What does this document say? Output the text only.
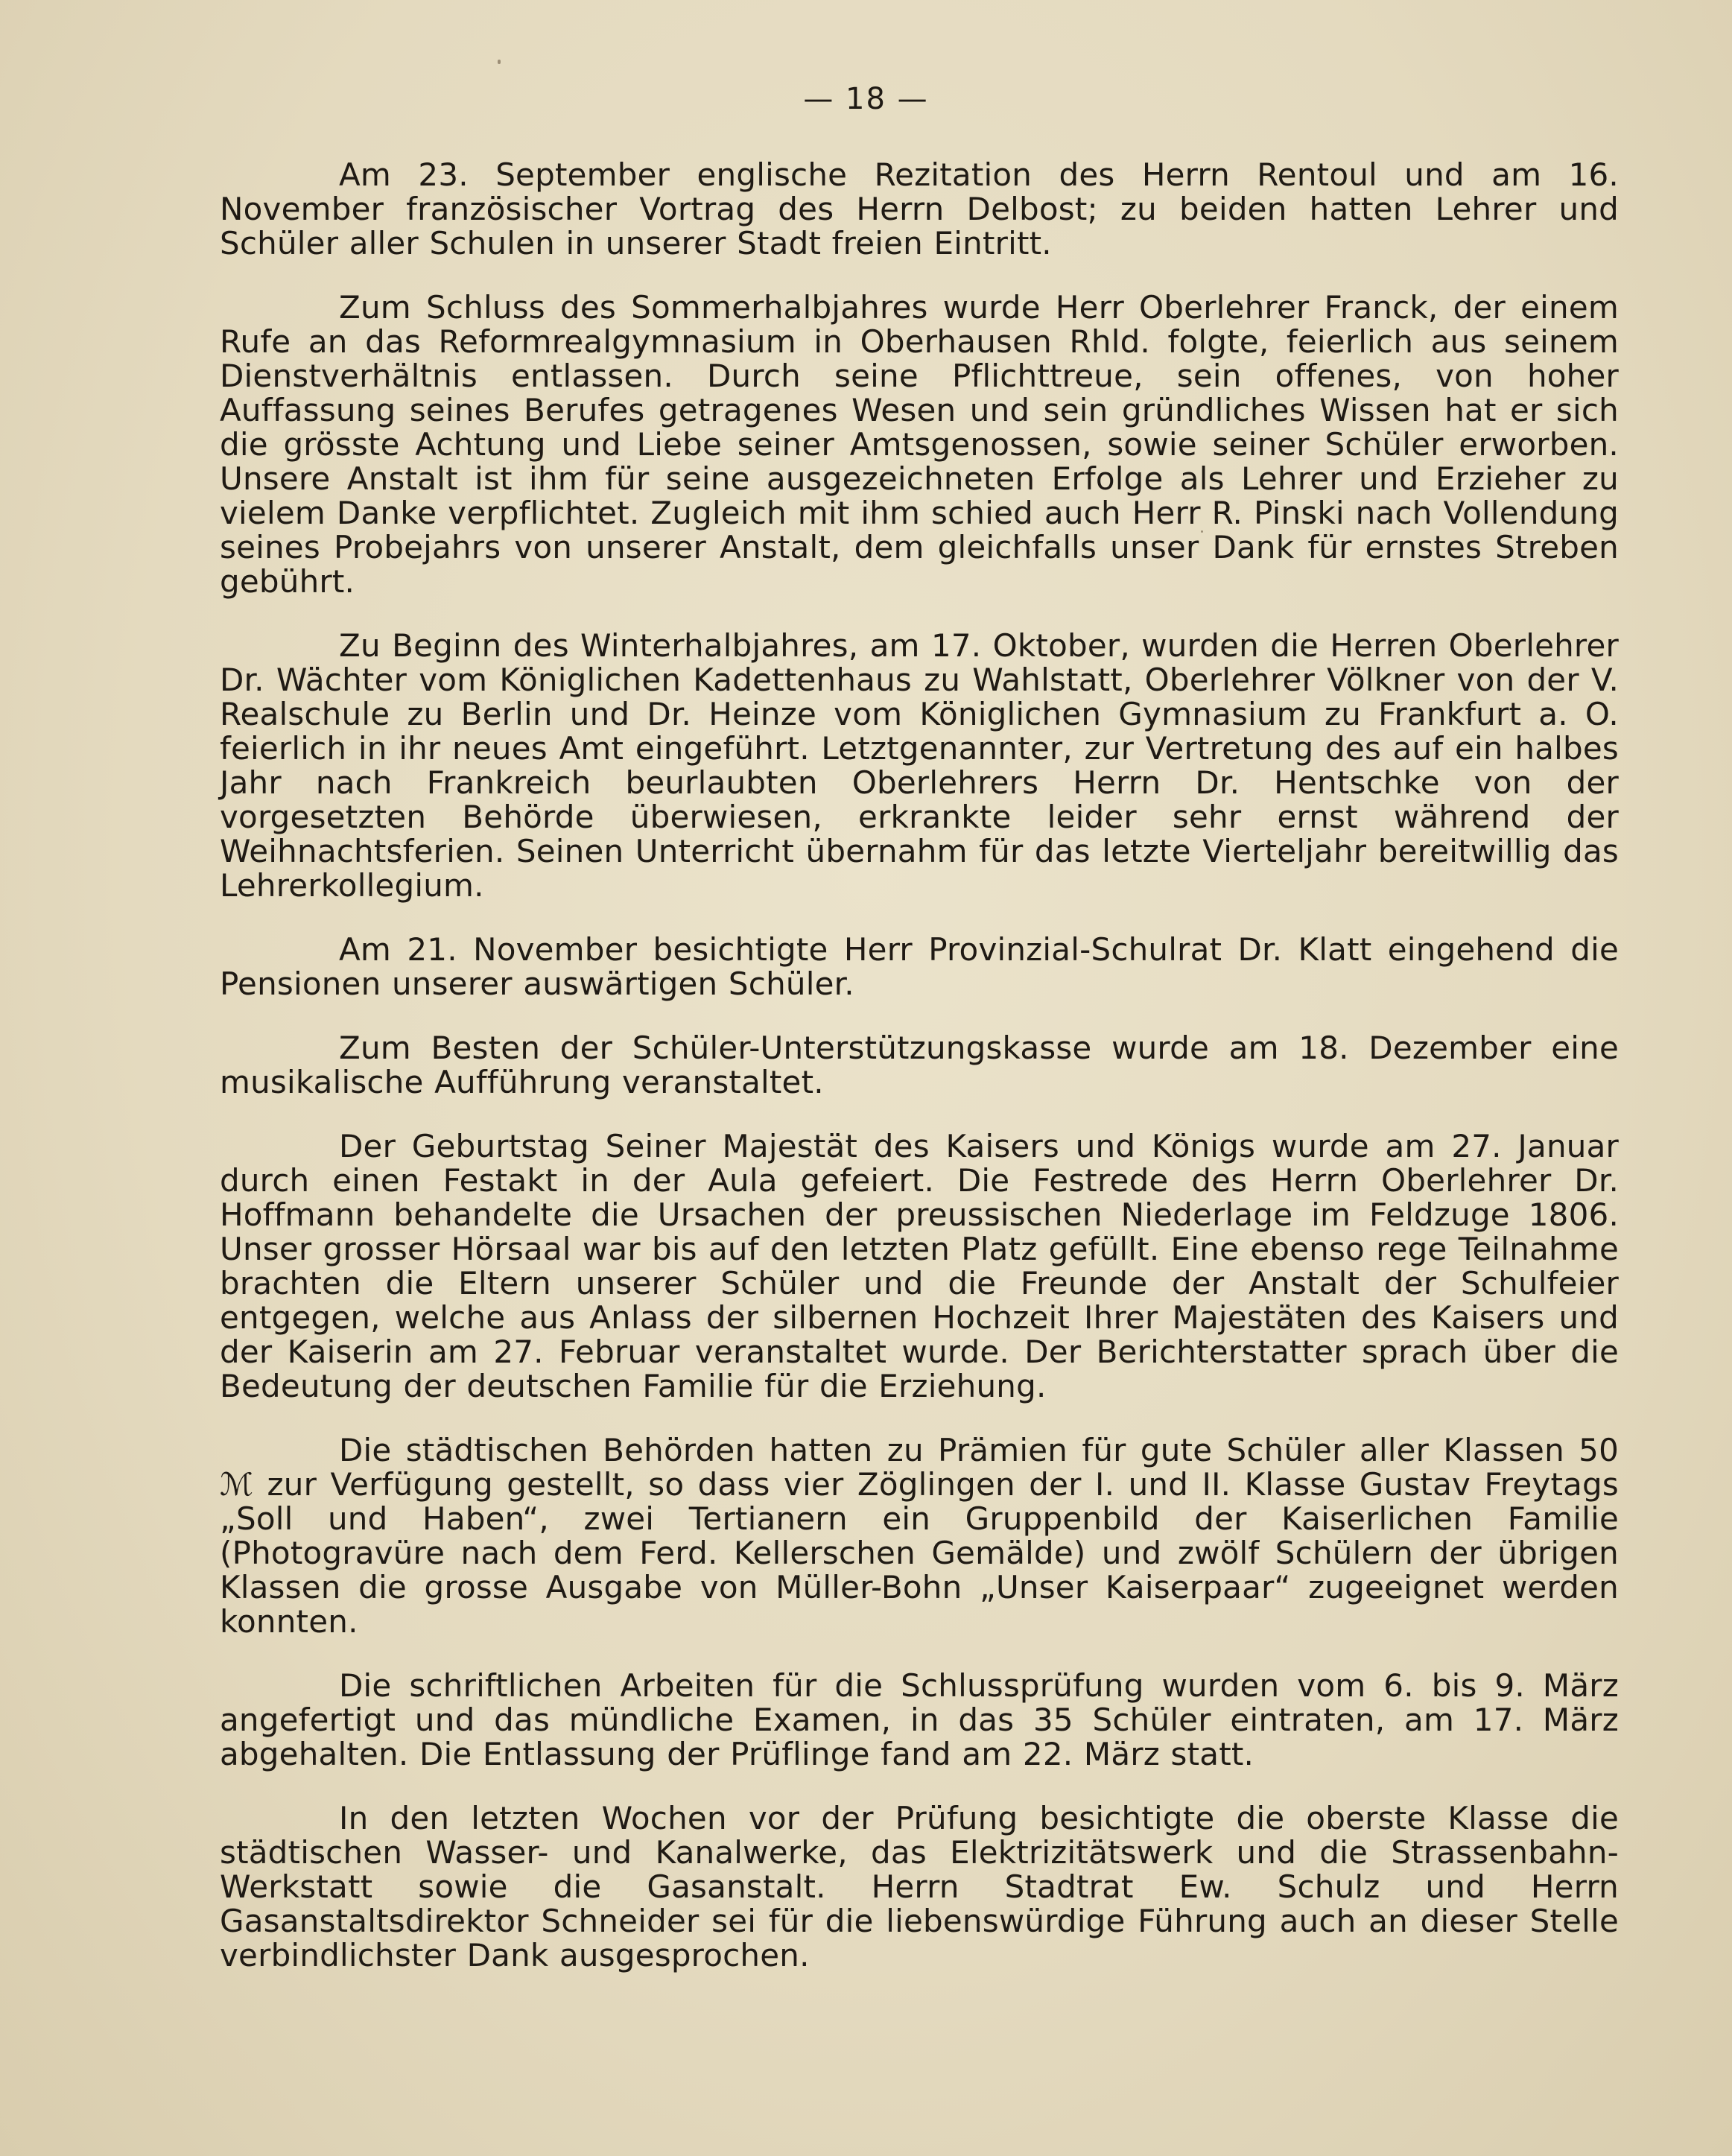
— 18 —

Am 23. September englische Rezitation des Herrn Rentoul und am 16. November französischer Vortrag des Herrn Delbost; zu beiden hatten Lehrer und Schüler aller Schulen in unserer Stadt freien Eintritt.

Zum Schluss des Sommerhalbjahres wurde Herr Oberlehrer Franck, der einem Rufe an das Reformrealgymnasium in Oberhausen Rhld. folgte, feierlich aus seinem Dienstverhältnis entlassen. Durch seine Pflichttreue, sein offenes, von hoher Auffassung seines Berufes getragenes Wesen und sein gründliches Wissen hat er sich die grösste Achtung und Liebe seiner Amtsgenossen, sowie seiner Schüler erworben. Unsere Anstalt ist ihm für seine ausgezeichneten Erfolge als Lehrer und Erzieher zu vielem Danke verpflichtet. Zugleich mit ihm schied auch Herr R. Pinski nach Vollendung seines Probejahrs von unserer Anstalt, dem gleichfalls unser Dank für ernstes Streben gebührt.

Zu Beginn des Winterhalbjahres, am 17. Oktober, wurden die Herren Oberlehrer Dr. Wächter vom Königlichen Kadettenhaus zu Wahlstatt, Oberlehrer Völkner von der V. Realschule zu Berlin und Dr. Heinze vom Königlichen Gymnasium zu Frankfurt a. O. feierlich in ihr neues Amt eingeführt. Letztgenannter, zur Vertretung des auf ein halbes Jahr nach Frankreich beurlaubten Oberlehrers Herrn Dr. Hentschke von der vorgesetzten Behörde überwiesen, erkrankte leider sehr ernst während der Weihnachtsferien. Seinen Unterricht übernahm für das letzte Vierteljahr bereitwillig das Lehrerkollegium.

Am 21. November besichtigte Herr Provinzial-Schulrat Dr. Klatt eingehend die Pensionen unserer auswärtigen Schüler.

Zum Besten der Schüler-Unterstützungskasse wurde am 18. Dezember eine musikalische Aufführung veranstaltet.

Der Geburtstag Seiner Majestät des Kaisers und Königs wurde am 27. Januar durch einen Festakt in der Aula gefeiert. Die Festrede des Herrn Oberlehrer Dr. Hoffmann behandelte die Ursachen der preussischen Niederlage im Feldzuge 1806. Unser grosser Hörsaal war bis auf den letzten Platz gefüllt. Eine ebenso rege Teilnahme brachten die Eltern unserer Schüler und die Freunde der Anstalt der Schulfeier entgegen, welche aus Anlass der silbernen Hochzeit Ihrer Majestäten des Kaisers und der Kaiserin am 27. Februar veranstaltet wurde. Der Berichterstatter sprach über die Bedeutung der deutschen Familie für die Erziehung.

Die städtischen Behörden hatten zu Prämien für gute Schüler aller Klassen 50 ℳ zur Verfügung gestellt, so dass vier Zöglingen der I. und II. Klasse Gustav Freytags „Soll und Haben“, zwei Tertianern ein Gruppenbild der Kaiserlichen Familie (Photogravüre nach dem Ferd. Kellerschen Gemälde) und zwölf Schülern der übrigen Klassen die grosse Ausgabe von Müller-Bohn „Unser Kaiserpaar“ zugeeignet werden konnten.

Die schriftlichen Arbeiten für die Schlussprüfung wurden vom 6. bis 9. März angefertigt und das mündliche Examen, in das 35 Schüler eintraten, am 17. März abgehalten. Die Entlassung der Prüflinge fand am 22. März statt.

In den letzten Wochen vor der Prüfung besichtigte die oberste Klasse die städtischen Wasser- und Kanalwerke, das Elektrizitätswerk und die Strassenbahn-Werkstatt sowie die Gasanstalt. Herrn Stadtrat Ew. Schulz und Herrn Gasanstaltsdirektor Schneider sei für die liebenswürdige Führung auch an dieser Stelle verbindlichster Dank ausgesprochen.
